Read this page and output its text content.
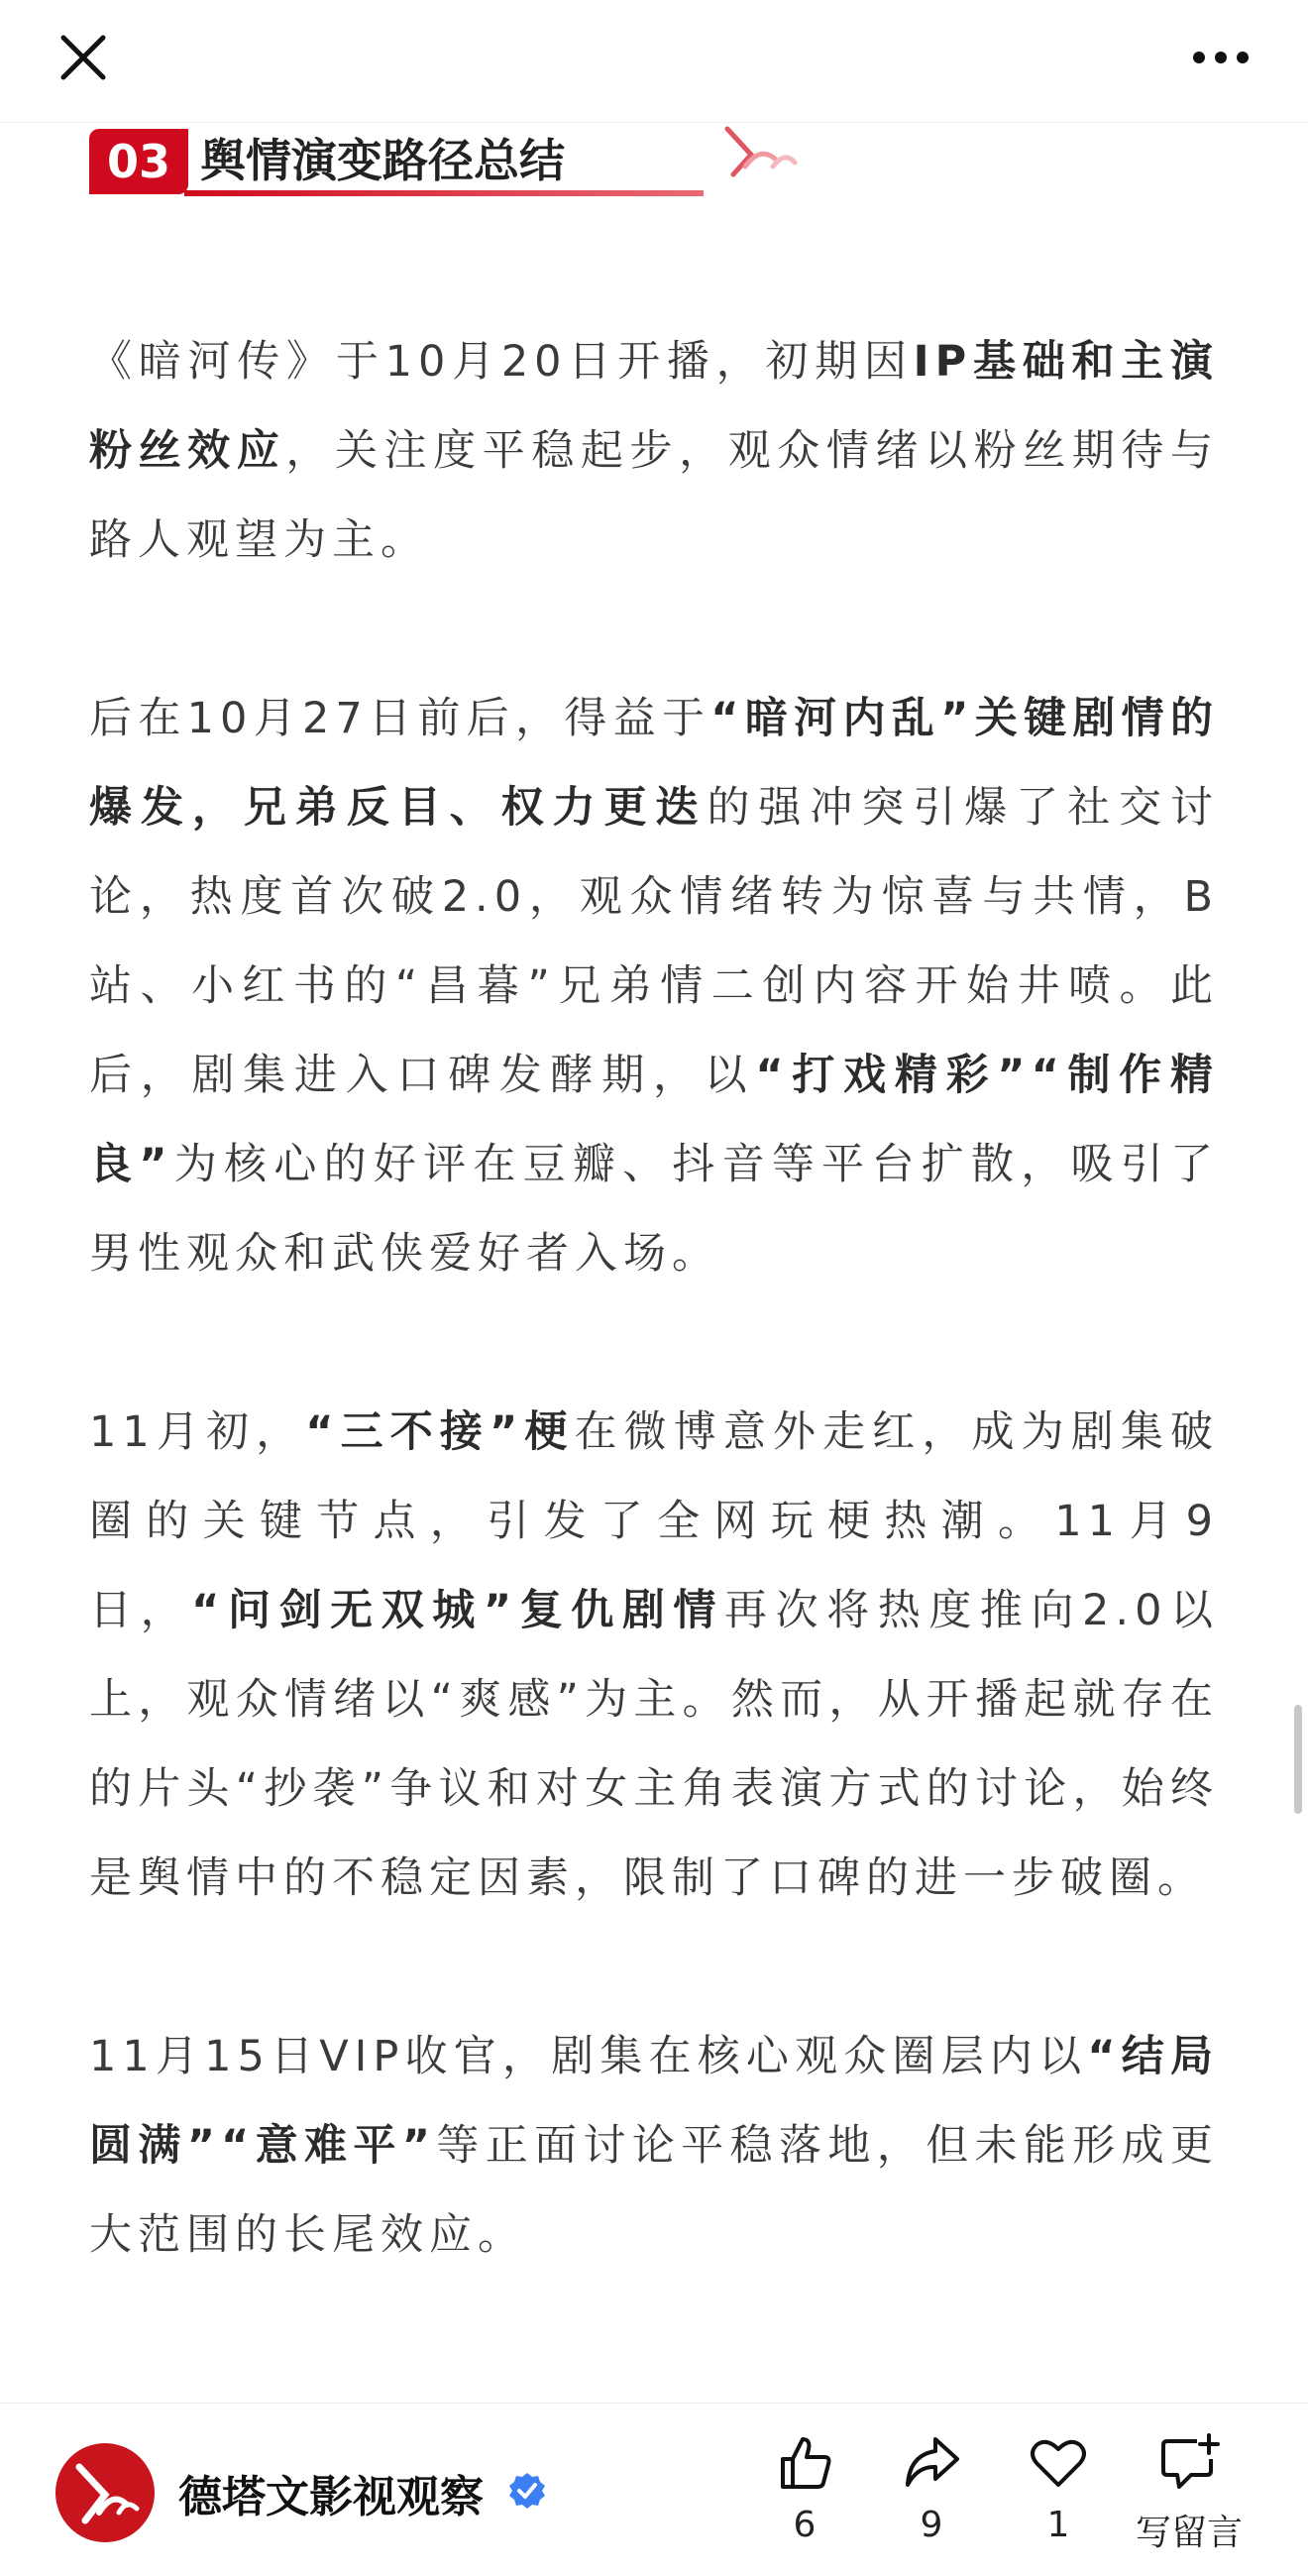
03 舆情演变路径总结

《暗河传》于10月20日开播，初期因IP基础和主演粉丝效应，关注度平稳起步，观众情绪以粉丝期待与路人观望为主。

后在10月27日前后，得益于“暗河内乱”关键剧情的爆发，兄弟反目、权力更迭的强冲突引爆了社交讨论，热度首次破2.0，观众情绪转为惊喜与共情，B站、小红书的“昌暮”兄弟情二创内容开始井喷。此后，剧集进入口碑发酵期，以“打戏精彩”“制作精良”为核心的好评在豆瓣、抖音等平台扩散，吸引了男性观众和武侠爱好者入场。

11月初，“三不接”梗在微博意外走红，成为剧集破圈的关键节点，引发了全网玩梗热潮。11月9日，“问剑无双城”复仇剧情再次将热度推向2.0以上，观众情绪以“爽感”为主。然而，从开播起就存在的片头“抄袭”争议和对女主角表演方式的讨论，始终是舆情中的不稳定因素，限制了口碑的进一步破圈。

11月15日VIP收官，剧集在核心观众圈层内以“结局圆满”“意难平”等正面讨论平稳落地，但未能形成更大范围的长尾效应。

德塔文影视观察
6	9	1	写留言
